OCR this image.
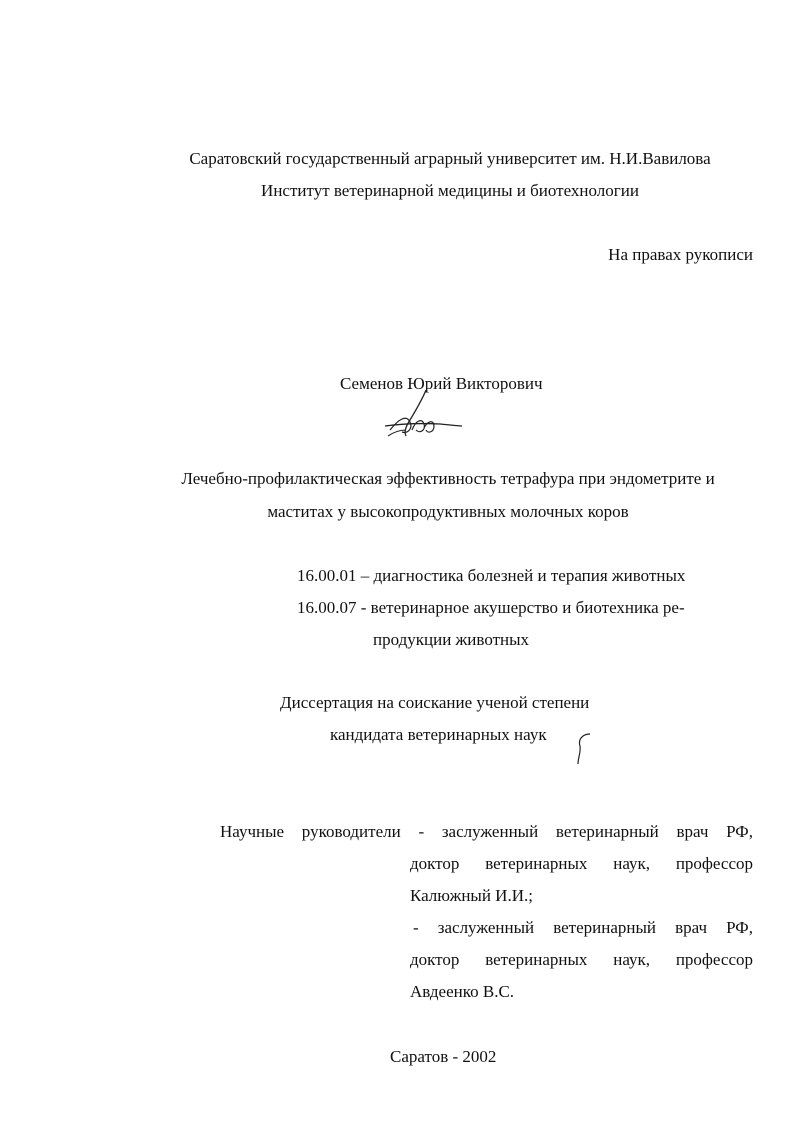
Саратовский государственный аграрный университет им. Н.И.Вавилова
Институт ветеринарной медицины и биотехнологии
На правах рукописи
Семенов Юрий Викторович
Лечебно-профилактическая эффективность тетрафура при эндометрите и
маститах у высокопродуктивных молочных коров
16.00.01 – диагностика болезней и терапия животных
16.00.07 - ветеринарное акушерство и биотехника ре-
продукции животных
Диссертация на соискание ученой степени
кандидата ветеринарных наук
Научные руководители - заслуженный ветеринарный врач РФ,
доктор ветеринарных наук, профессор
Калюжный И.И.;
- заслуженный ветеринарный врач РФ,
доктор ветеринарных наук, профессор
Авдеенко В.С.
Саратов - 2002
